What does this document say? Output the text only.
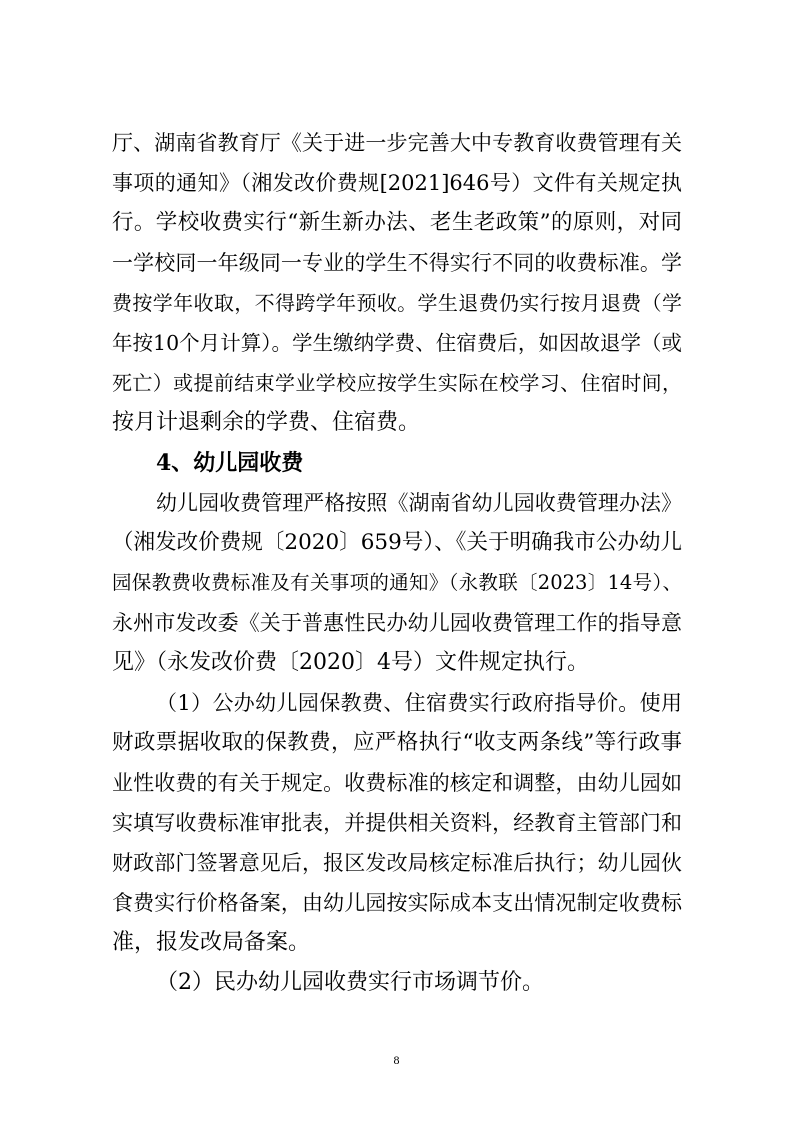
厅、湖南省教育厅《关于进一步完善大中专教育收费管理有关
事项的通知》（湘发改价费规[2021]646号）文件有关规定执
行。学校收费实行“新生新办法、老生老政策”的原则，对同
一学校同一年级同一专业的学生不得实行不同的收费标准。学
费按学年收取，不得跨学年预收。学生退费仍实行按月退费（学
年按10个月计算）。学生缴纳学费、住宿费后，如因故退学（或
死亡）或提前结束学业学校应按学生实际在校学习、住宿时间，
按月计退剩余的学费、住宿费。
4、幼儿园收费
幼儿园收费管理严格按照《湖南省幼儿园收费管理办法》
（湘发改价费规〔2020〕659号）、《关于明确我市公办幼儿
园保教费收费标准及有关事项的通知》（永教联〔2023〕14号）、
永州市发改委《关于普惠性民办幼儿园收费管理工作的指导意
见》（永发改价费〔2020〕4号）文件规定执行。
（1）公办幼儿园保教费、住宿费实行政府指导价。使用
财政票据收取的保教费，应严格执行“收支两条线”等行政事
业性收费的有关于规定。收费标准的核定和调整，由幼儿园如
实填写收费标准审批表，并提供相关资料，经教育主管部门和
财政部门签署意见后，报区发改局核定标准后执行；幼儿园伙
食费实行价格备案，由幼儿园按实际成本支出情况制定收费标
准，报发改局备案。
（2）民办幼儿园收费实行市场调节价。
8
